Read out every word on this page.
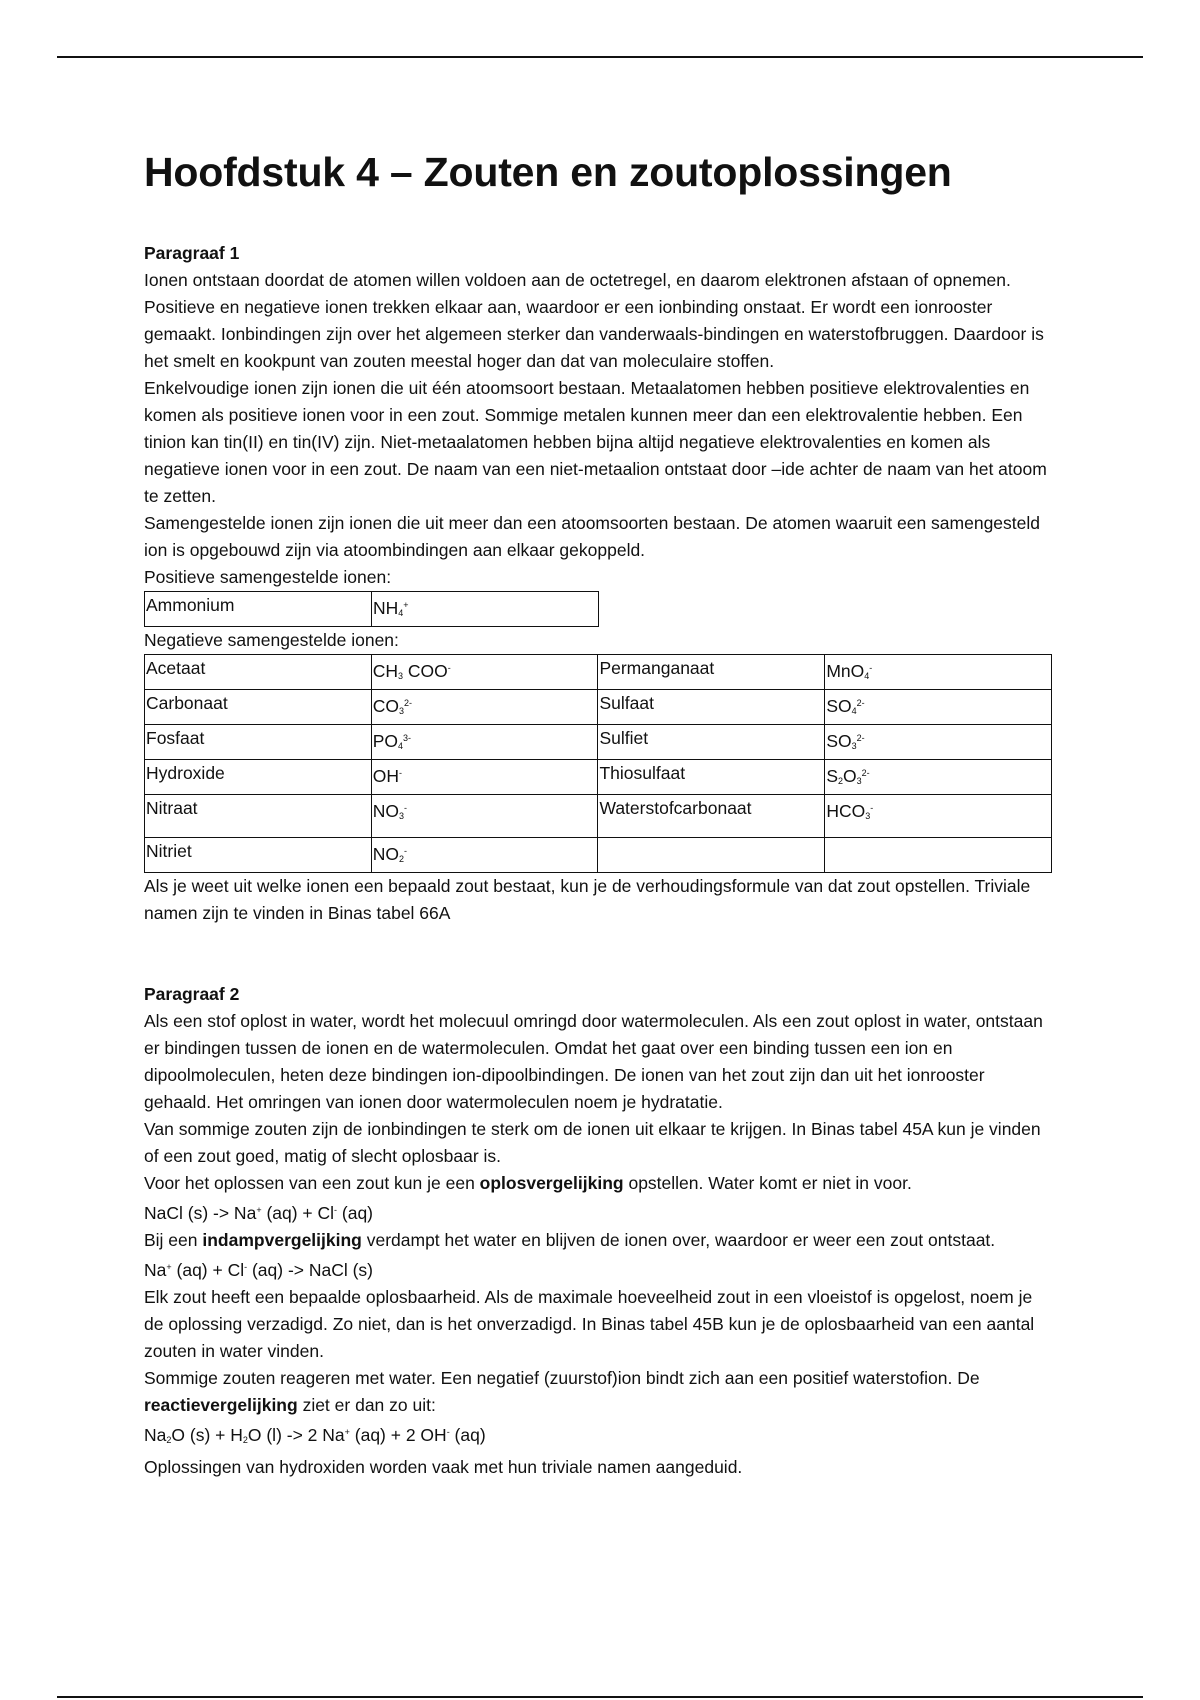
Hoofdstuk 4 – Zouten en zoutoplossingen
Paragraaf 1
Ionen ontstaan doordat de atomen willen voldoen aan de octetregel, en daarom elektronen afstaan of opnemen. Positieve en negatieve ionen trekken elkaar aan, waardoor er een ionbinding onstaat. Er wordt een ionrooster gemaakt. Ionbindingen zijn over het algemeen sterker dan vanderwaals-bindingen en waterstofbruggen. Daardoor is het smelt en kookpunt van zouten meestal hoger dan dat van moleculaire stoffen.
Enkelvoudige ionen zijn ionen die uit één atoomsoort bestaan. Metaalatomen hebben positieve elektrovalenties en komen als positieve ionen voor in een zout. Sommige metalen kunnen meer dan een elektrovalentie hebben. Een tinion kan tin(II) en tin(IV) zijn. Niet-metaalatomen hebben bijna altijd negatieve elektrovalenties en komen als negatieve ionen voor in een zout. De naam van een niet-metaalion ontstaat door –ide achter de naam van het atoom te zetten.
Samengestelde ionen zijn ionen die uit meer dan een atoomsoorten bestaan. De atomen waaruit een samengesteld ion is opgebouwd zijn via atoombindingen aan elkaar gekoppeld.
Positieve samengestelde ionen:
Ammonium	$NH_4^+$
Negatieve samengestelde ionen:
Acetaat	$CH_3$ COO-	Permanganaat	MnO$_4$-
Carbonaat	$CO_3^{2-}$	Sulfaat	$SO_4^{2-}$
Fosfaat	$PO_4^{3-}$	Sulfiet	$SO_3^{2-}$
Hydroxide	OH-	Thiosulfaat	$S_2O_3^{2-}$
Nitraat	$NO_3^-$	Waterstofcarbonaat	$HCO_3^-$
Nitriet	$NO_2^-$		
Als je weet uit welke ionen een bepaald zout bestaat, kun je de verhoudingsformule van dat zout opstellen. Triviale namen zijn te vinden in Binas tabel 66A
Paragraaf 2
Als een stof oplost in water, wordt het molecuul omringd door watermoleculen. Als een zout oplost in water, ontstaan er bindingen tussen de ionen en de watermoleculen. Omdat het gaat over een binding tussen een ion en dipoolmoleculen, heten deze bindingen ion-dipoolbindingen. De ionen van het zout zijn dan uit het ionrooster gehaald. Het omringen van ionen door watermoleculen noem je hydratatie.
Van sommige zouten zijn de ionbindingen te sterk om de ionen uit elkaar te krijgen. In Binas tabel 45A kun je vinden of een zout goed, matig of slecht oplosbaar is.
Voor het oplossen van een zout kun je een oplosvergelijking opstellen. Water komt er niet in voor.
NaCl (s) -> Na+ (aq) + Cl- (aq)
Bij een indampvergelijking verdampt het water en blijven de ionen over, waardoor er weer een zout ontstaat.
Na+ (aq) + Cl- (aq) -> NaCl (s)
Elk zout heeft een bepaalde oplosbaarheid. Als de maximale hoeveelheid zout in een vloeistof is opgelost, noem je de oplossing verzadigd. Zo niet, dan is het onverzadigd. In Binas tabel 45B kun je de oplosbaarheid van een aantal zouten in water vinden.
Sommige zouten reageren met water. Een negatief (zuurstof)ion bindt zich aan een positief waterstofion. De reactievergelijking ziet er dan zo uit:
$Na_2O$ $(s) + H_2O$ (l) -> 2 Na+ (aq) + 2 OH- (aq)
Oplossingen van hydroxiden worden vaak met hun triviale namen aangeduid.
